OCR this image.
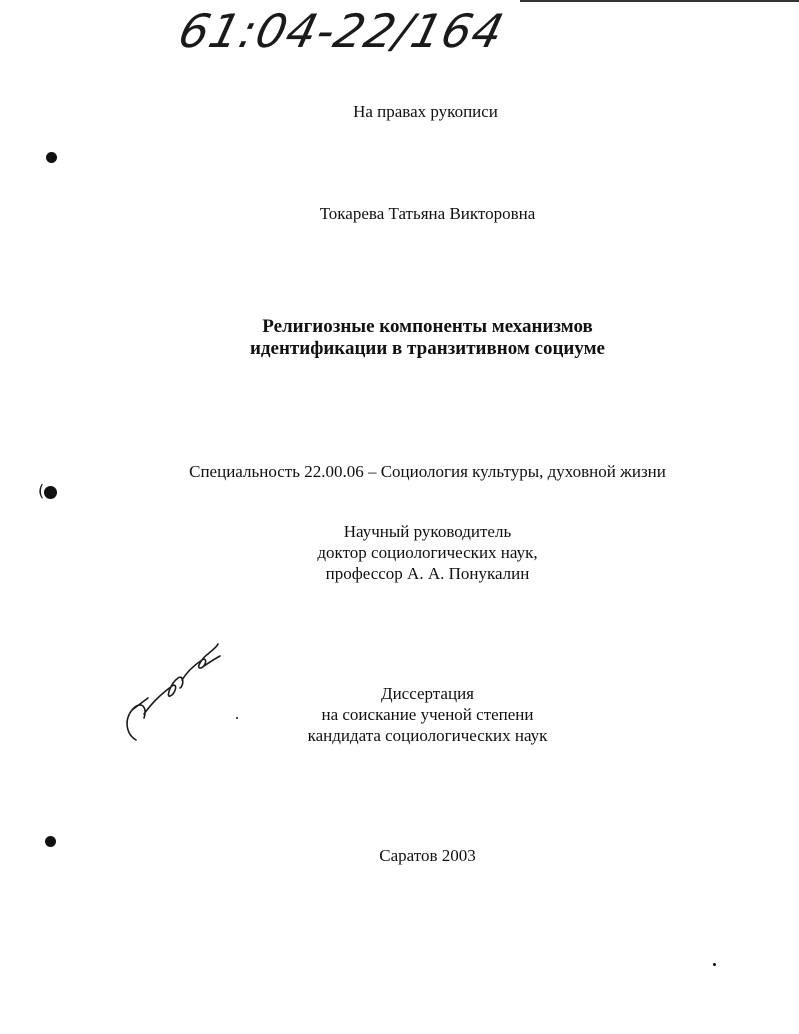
61:04-22/164
На правах рукописи
Токарева Татьяна Викторовна
Религиозные компоненты механизмов
идентификации в транзитивном социуме
(
Специальность 22.00.06 – Социология культуры, духовной жизни
Научный руководитель
доктор социологических наук,
профессор А. А. Понукалин
Диссертация
на соискание ученой степени
кандидата социологических наук
Саратов 2003
